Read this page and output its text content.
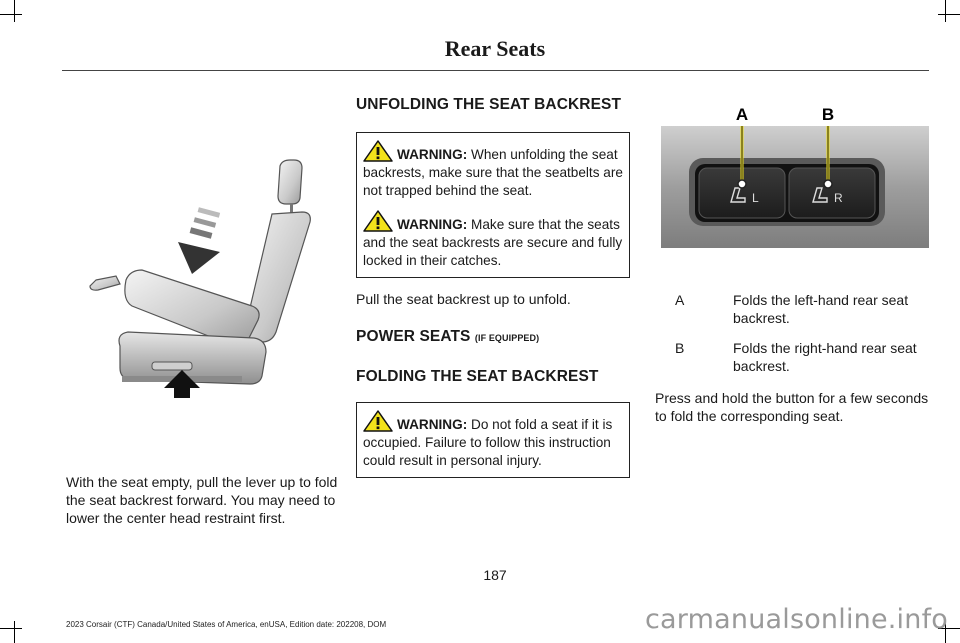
Rear Seats

With the seat empty, pull the lever up to fold the seat backrest forward. You may need to lower the center head restraint first.

UNFOLDING THE SEAT BACKREST

WARNING: When unfolding the seat backrests, make sure that the seatbelts are not trapped behind the seat.

WARNING: Make sure that the seats and the seat backrests are secure and fully locked in their catches.

Pull the seat backrest up to unfold.

POWER SEATS (IF EQUIPPED)
FOLDING THE SEAT BACKREST

WARNING: Do not fold a seat if it is occupied. Failure to follow this instruction could result in personal injury.

A	B
L	R
A	Folds the left-hand rear seat backrest.
B	Folds the right-hand rear seat backrest.

Press and hold the button for a few seconds to fold the corresponding seat.

187
2023 Corsair (CTF) Canada/United States of America, enUSA, Edition date: 202208, DOM	carmanualsonline.info
